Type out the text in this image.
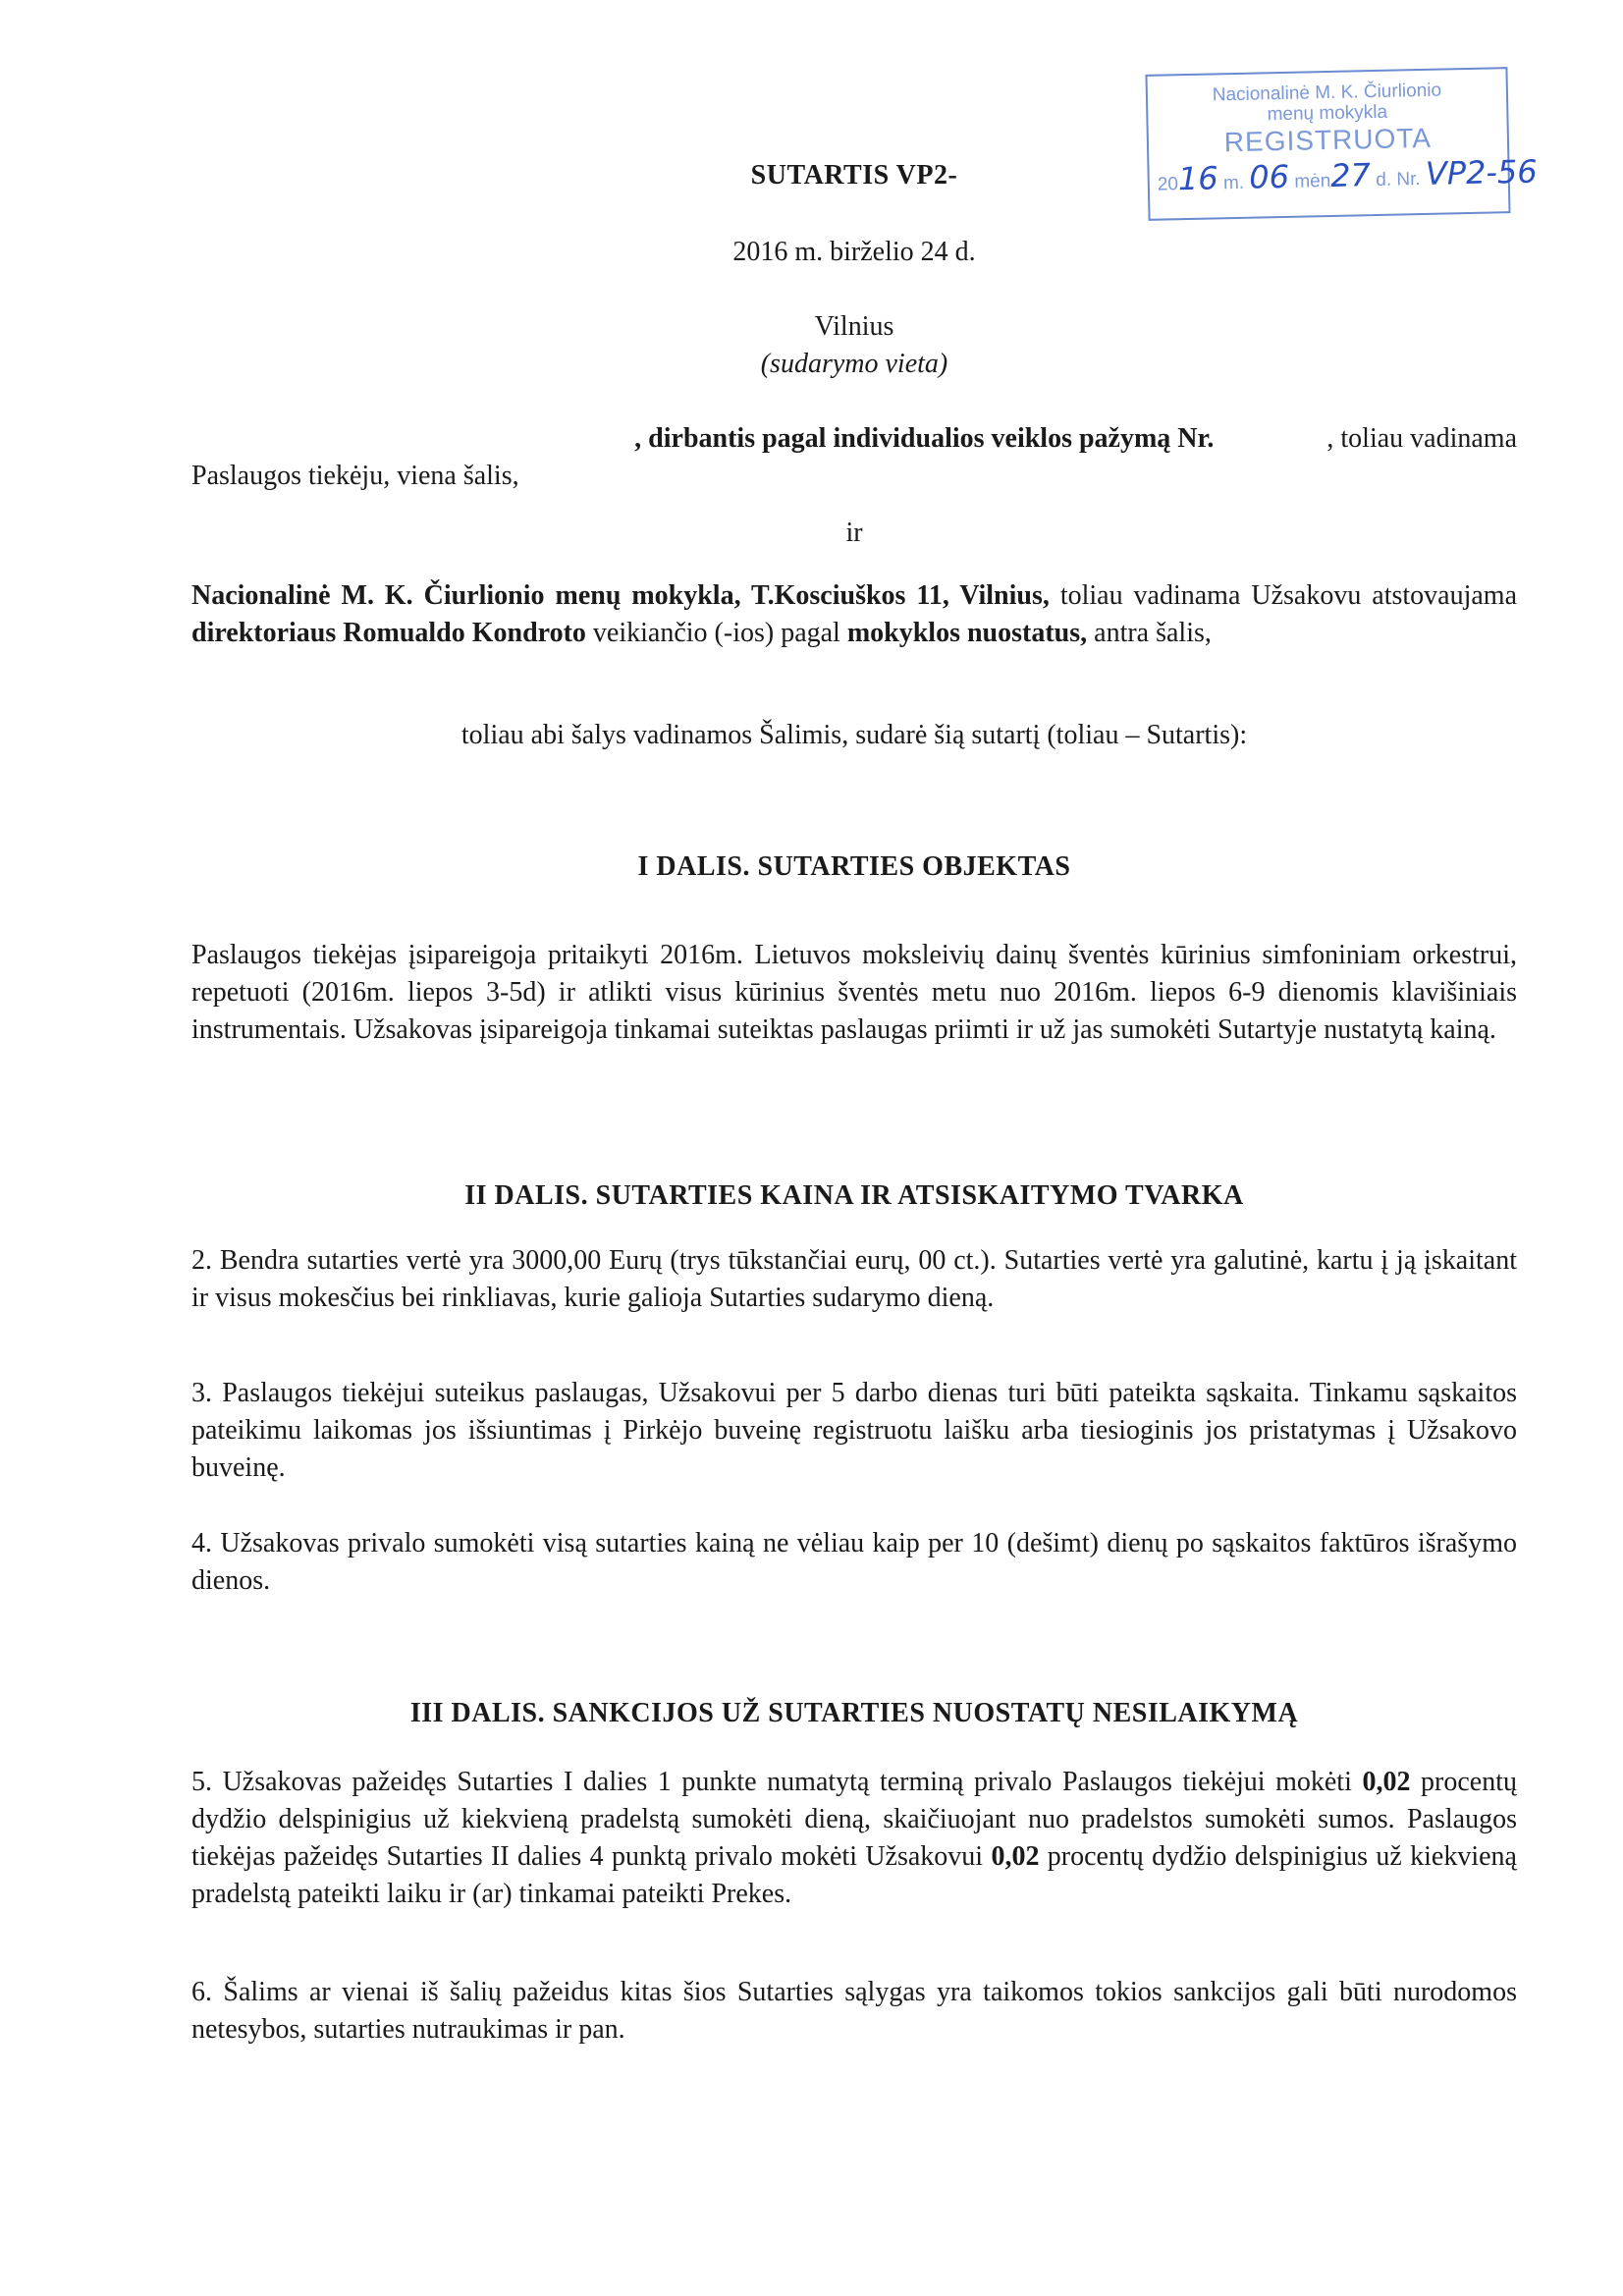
Nacionalinė M. K. Čiurlionio
menų mokykla
REGISTRUOTA
2016 m. 06 mėn27 d. Nr. VP2-56
SUTARTIS VP2-
2016 m. birželio 24 d.
Vilnius
(sudarymo vieta)

, dirbantis pagal individualios veiklos pažymą Nr.	, toliau vadinama

Paslaugos tiekėju, viena šalis,

ir

Nacionalinė M. K. Čiurlionio menų mokykla, T.Kosciuškos 11, Vilnius, toliau vadinama Užsakovu atstovaujama direktoriaus Romualdo Kondroto veikiančio (-ios) pagal mokyklos nuostatus, antra šalis,

toliau abi šalys vadinamos Šalimis, sudarė šią sutartį (toliau – Sutartis):
I DALIS. SUTARTIES OBJEKTAS
Paslaugos tiekėjas įsipareigoja pritaikyti 2016m. Lietuvos moksleivių dainų šventės kūrinius simfoniniam orkestrui, repetuoti (2016m. liepos 3-5d) ir atlikti visus kūrinius šventės metu nuo 2016m. liepos 6-9 dienomis klavišiniais instrumentais. Užsakovas įsipareigoja tinkamai suteiktas paslaugas priimti ir už jas sumokėti Sutartyje nustatytą kainą.
II DALIS. SUTARTIES KAINA IR ATSISKAITYMO TVARKA
2. Bendra sutarties vertė yra 3000,00 Eurų (trys tūkstančiai eurų, 00 ct.). Sutarties vertė yra galutinė, kartu į ją įskaitant ir visus mokesčius bei rinkliavas, kurie galioja Sutarties sudarymo dieną.
3. Paslaugos tiekėjui suteikus paslaugas, Užsakovui per 5 darbo dienas turi būti pateikta sąskaita. Tinkamu sąskaitos pateikimu laikomas jos išsiuntimas į Pirkėjo buveinę registruotu laišku arba tiesioginis jos pristatymas į Užsakovo buveinę.
4. Užsakovas privalo sumokėti visą sutarties kainą ne vėliau kaip per 10 (dešimt) dienų po sąskaitos faktūros išrašymo dienos.
III DALIS. SANKCIJOS UŽ SUTARTIES NUOSTATŲ NESILAIKYMĄ
5. Užsakovas pažeidęs Sutarties I dalies 1 punkte numatytą terminą privalo Paslaugos tiekėjui mokėti 0,02 procentų dydžio delspinigius už kiekvieną pradelstą sumokėti dieną, skaičiuojant nuo pradelstos sumokėti sumos. Paslaugos tiekėjas pažeidęs Sutarties II dalies 4 punktą privalo mokėti Užsakovui 0,02 procentų dydžio delspinigius už kiekvieną pradelstą pateikti laiku ir (ar) tinkamai pateikti Prekes.
6. Šalims ar vienai iš šalių pažeidus kitas šios Sutarties sąlygas yra taikomos tokios sankcijos gali būti nurodomos netesybos, sutarties nutraukimas ir pan.
